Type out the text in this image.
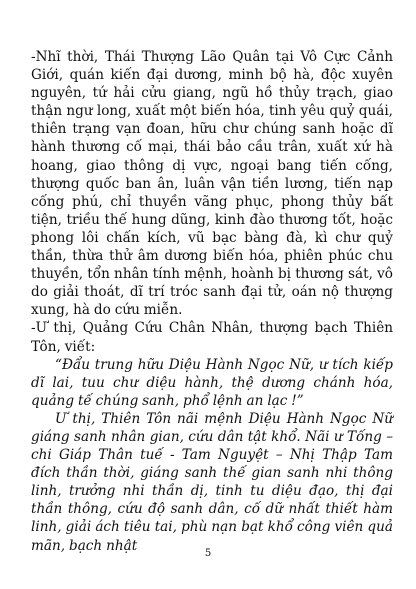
-Nhĩ thời, Thái Thượng Lão Quân tại Vô Cực Cảnh Giới, quán kiến đại dương, minh bộ hà, độc xuyên nguyên, tứ hải cửu giang, ngũ hồ thủy trạch, giao thận ngư long, xuất một biến hóa, tinh yêu quỷ quái, thiên trạng vạn đoan, hữu chư chúng sanh hoặc dĩ hành thương cố mại, thái bảo cầu trân, xuất xứ hà hoang, giao thông dị vực, ngoại bang tiến cống, thượng quốc ban ân, luân vận tiền lương, tiến nạp cống phú, chỉ thuyền vãng phục, phong thủy bất tiện, triều thế hung dũng, kinh đào thương tốt, hoặc phong lôi chấn kích, vũ bạc bàng đà, kì chư quỷ thần, thừa thử âm dương biến hóa, phiên phúc chu thuyền, tổn nhân tính mệnh, hoành bị thương sát, vô do giải thoát, dĩ trí tróc sanh đại tử, oán nộ thượng xung, hà do cứu miễn.

-Ư thị, Quảng Cứu Chân Nhân, thượng bạch Thiên Tôn, viết:

“Đẩu trung hữu Diệu Hành Ngọc Nữ, ư tích kiếp dĩ lai, tuu chư diệu hành, thệ dương chánh hóa, quảng tế chúng sanh, phổ lệnh an lạc !”

Ư thị, Thiên Tôn nãi mệnh Diệu Hành Ngọc Nữ giáng sanh nhân gian, cứu dân tật khổ. Nãi ư Tống – chi Giáp Thân tuế - Tam Nguyệt – Nhị Thập Tam đích thần thời, giáng sanh thế gian sanh nhi thông linh, trưởng nhi thần dị, tinh tu diệu đạo, thị đại thần thông, cứu độ sanh dân, cố dữ nhất thiết hàm linh, giải ách tiêu tai, phù nạn bạt khổ công viên quả mãn, bạch nhật	5
